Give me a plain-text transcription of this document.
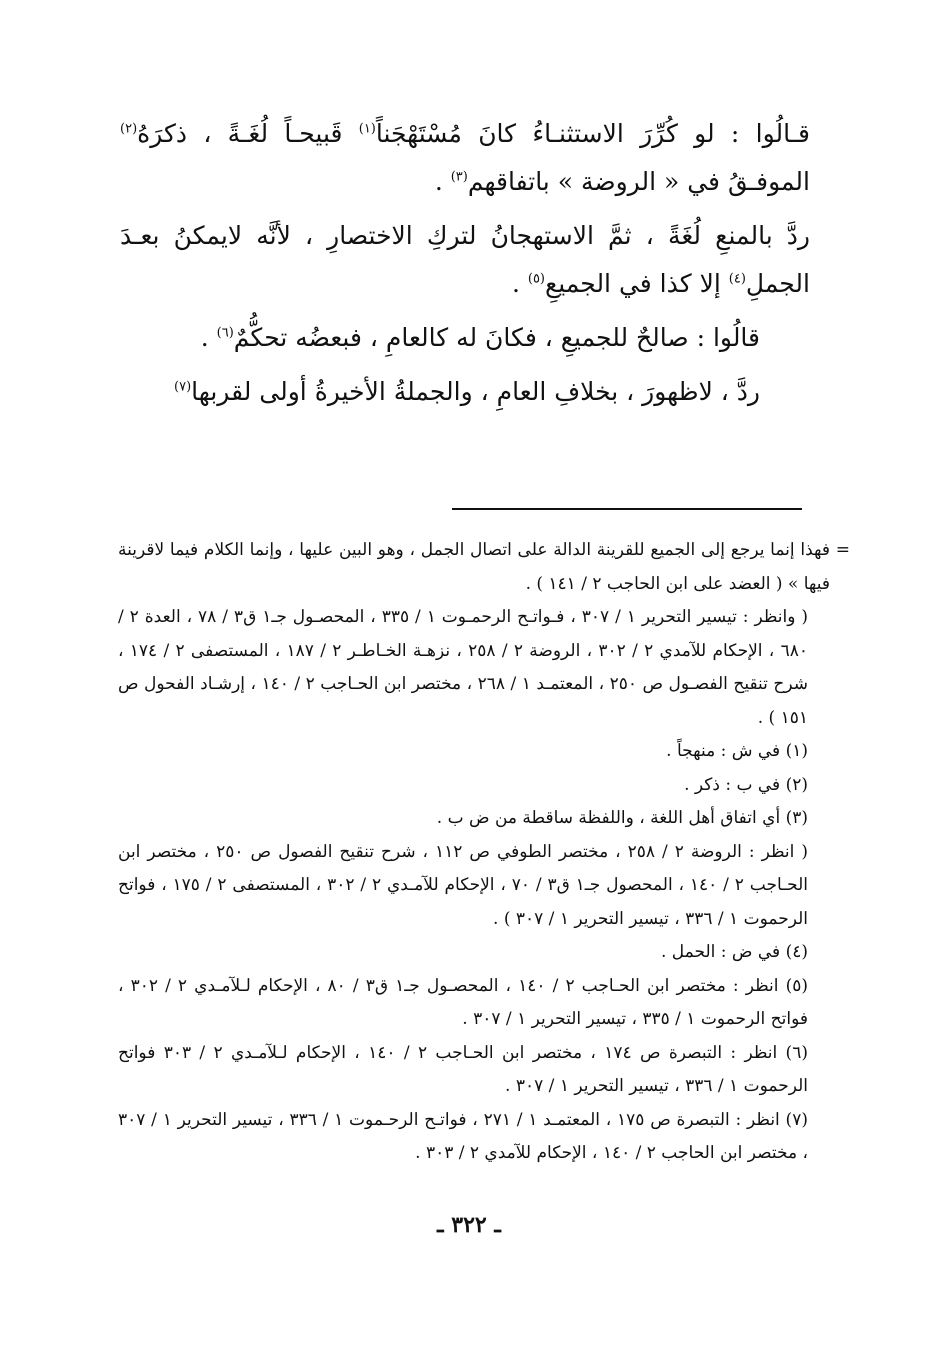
قـالُوا : لو كُرِّرَ الاستثنـاءُ كانَ مُسْتَهْجَناً$^{(١)}$ قَبيحـاً لُغَـةً ، ذكرَهُ$^{(٢)}$ الموفـقُ في « الروضة » باتفاقهم$^{(٣)}$ .

ردَّ بالمنعِ لُغَةً ، ثمَّ الاستهجانُ لتركِ الاختصارِ ، لأنَّه لايمكنُ بعـدَ الجملِ$^{(٤)}$ إلا كذا في الجميعِ$^{(٥)}$ .

قالُوا : صالحٌ للجميعِ ، فكانَ له كالعامِ ، فبعضُه تحكُّمٌ$^{(٦)}$ .

ردَّ ، لاظهورَ ، بخلافِ العامِ ، والجملةُ الأخيرةُ أولى لقربها$^{(٧)}$

=
فهذا إنما يرجع إلى الجميع للقرينة الدالة على اتصال الجمل ، وهو البين عليها ، وإنما الكلام فيما لاقرينة فيها » ( العضد على ابن الحاجب ٢ / ١٤١ ) .

( وانظر : تيسير التحرير ١ / ٣٠٧ ، فـواتـح الرحمـوت ١ / ٣٣٥ ، المحصـول جـ١ ق٣ / ٧٨ ، العدة ٢ / ٦٨٠ ، الإحكام للآمدي ٢ / ٣٠٢ ، الروضة ٢ / ٢٥٨ ، نزهـة الخـاطـر ٢ / ١٨٧ ، المستصفى ٢ / ١٧٤ ، شرح تنقيح الفصـول ص ٢٥٠ ، المعتمـد ١ / ٢٦٨ ، مختصر ابن الحـاجب ٢ / ١٤٠ ، إرشـاد الفحول ص ١٥١ ) .

(١) في ش : منهجاً .

(٢) في ب : ذكر .

(٣) أي اتفاق أهل اللغة ، واللفظة ساقطة من ض ب .

( انظر : الروضة ٢ / ٢٥٨ ، مختصر الطوفي ص ١١٢ ، شرح تنقيح الفصول ص ٢٥٠ ، مختصر ابن الحـاجب ٢ / ١٤٠ ، المحصول جـ١ ق٣ / ٧٠ ، الإحكام للآمـدي ٢ / ٣٠٢ ، المستصفى ٢ / ١٧٥ ، فواتح الرحموت ١ / ٣٣٦ ، تيسير التحرير ١ / ٣٠٧ ) .

(٤) في ض : الحمل .

(٥) انظر : مختصر ابن الحـاجب ٢ / ١٤٠ ، المحصـول جـ١ ق٣ / ٨٠ ، الإحكام لـلآمـدي ٢ / ٣٠٢ ، فواتح الرحموت ١ / ٣٣٥ ، تيسير التحرير ١ / ٣٠٧ .

(٦) انظر : التبصرة ص ١٧٤ ، مختصر ابن الحـاجب ٢ / ١٤٠ ، الإحكام لـلآمـدي ٢ / ٣٠٣ فواتح الرحموت ١ / ٣٣٦ ، تيسير التحرير ١ / ٣٠٧ .

(٧) انظر : التبصرة ص ١٧٥ ، المعتمـد ١ / ٢٧١ ، فواتـح الرحـموت ١ / ٣٣٦ ، تيسير التحرير ١ / ٣٠٧ ، مختصر ابن الحاجب ٢ / ١٤٠ ، الإحكام للآمدي ٢ / ٣٠٣ .

ـ ٣٢٢ ـ
